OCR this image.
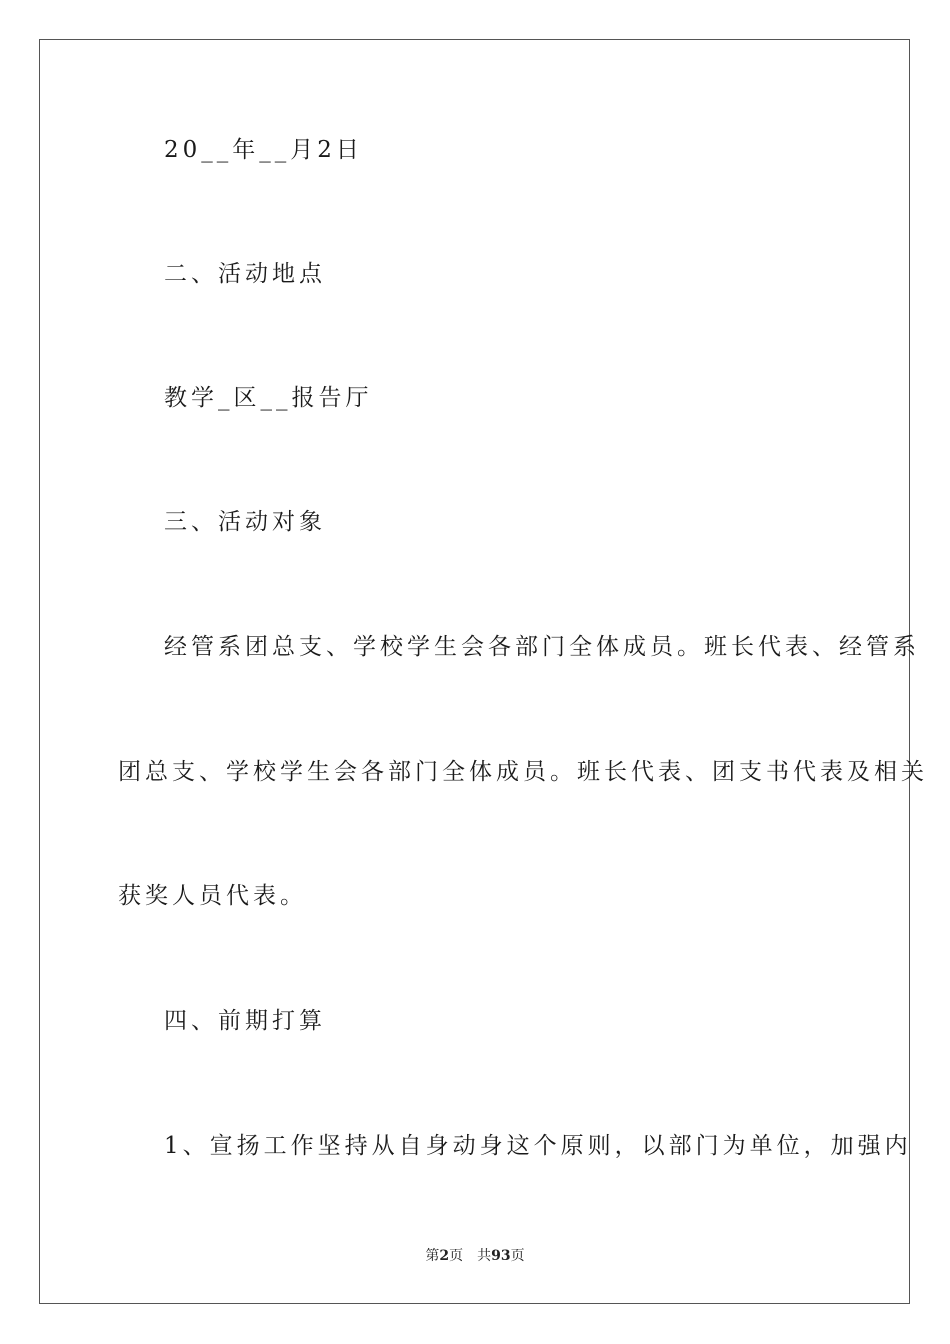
20__年__月2日
二、活动地点
教学_区__报告厅
三、活动对象
经管系团总支、学校学生会各部门全体成员。班长代表、经管系
团总支、学校学生会各部门全体成员。班长代表、团支书代表及相关
获奖人员代表。
四、前期打算
1、宣扬工作坚持从自身动身这个原则，以部门为单位，加强内
第2页 共93页
